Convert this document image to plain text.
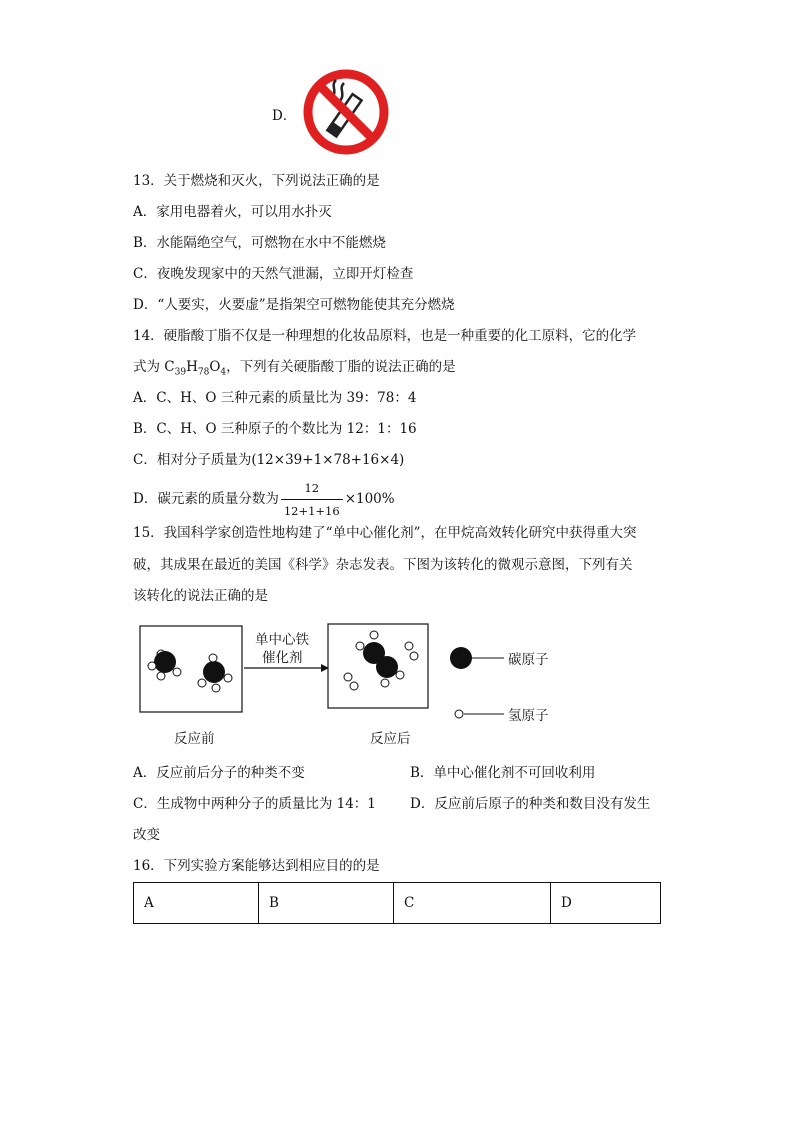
D．
13．关于燃烧和灭火，下列说法正确的是
A．家用电器着火，可以用水扑灭
B．水能隔绝空气，可燃物在水中不能燃烧
C．夜晚发现家中的天然气泄漏，立即开灯检查
D．“人要实，火要虚”是指架空可燃物能使其充分燃烧
14．硬脂酸丁脂不仅是一种理想的化妆品原料，也是一种重要的化工原料，它的化学
式为 $C_{39}H_{78}O_4$，下列有关硬脂酸丁脂的说法正确的是
A．C、H、O 三种元素的质量比为 39：78：4
B．C、H、O 三种原子的个数比为 12：1：16
C．相对分子质量为(12×39+1×78+16×4)
D．碳元素的质量分数为 $\frac{12}{12+1+16} \times 100\%$
15．我国科学家创造性地构建了“单中心催化剂”，在甲烷高效转化研究中获得重大突
破，其成果在最近的美国《科学》杂志发表。下图为该转化的微观示意图，下列有关
该转化的说法正确的是
单中心铁
催化剂	碳原子
氢原子
反应前	反应后
A．反应前后分子的种类不变	B．单中心催化剂不可回收利用
C．生成物中两种分子的质量比为 14：1	D．反应前后原子的种类和数目没有发生
改变
16．下列实验方案能够达到相应目的的是
A	B	C	D
